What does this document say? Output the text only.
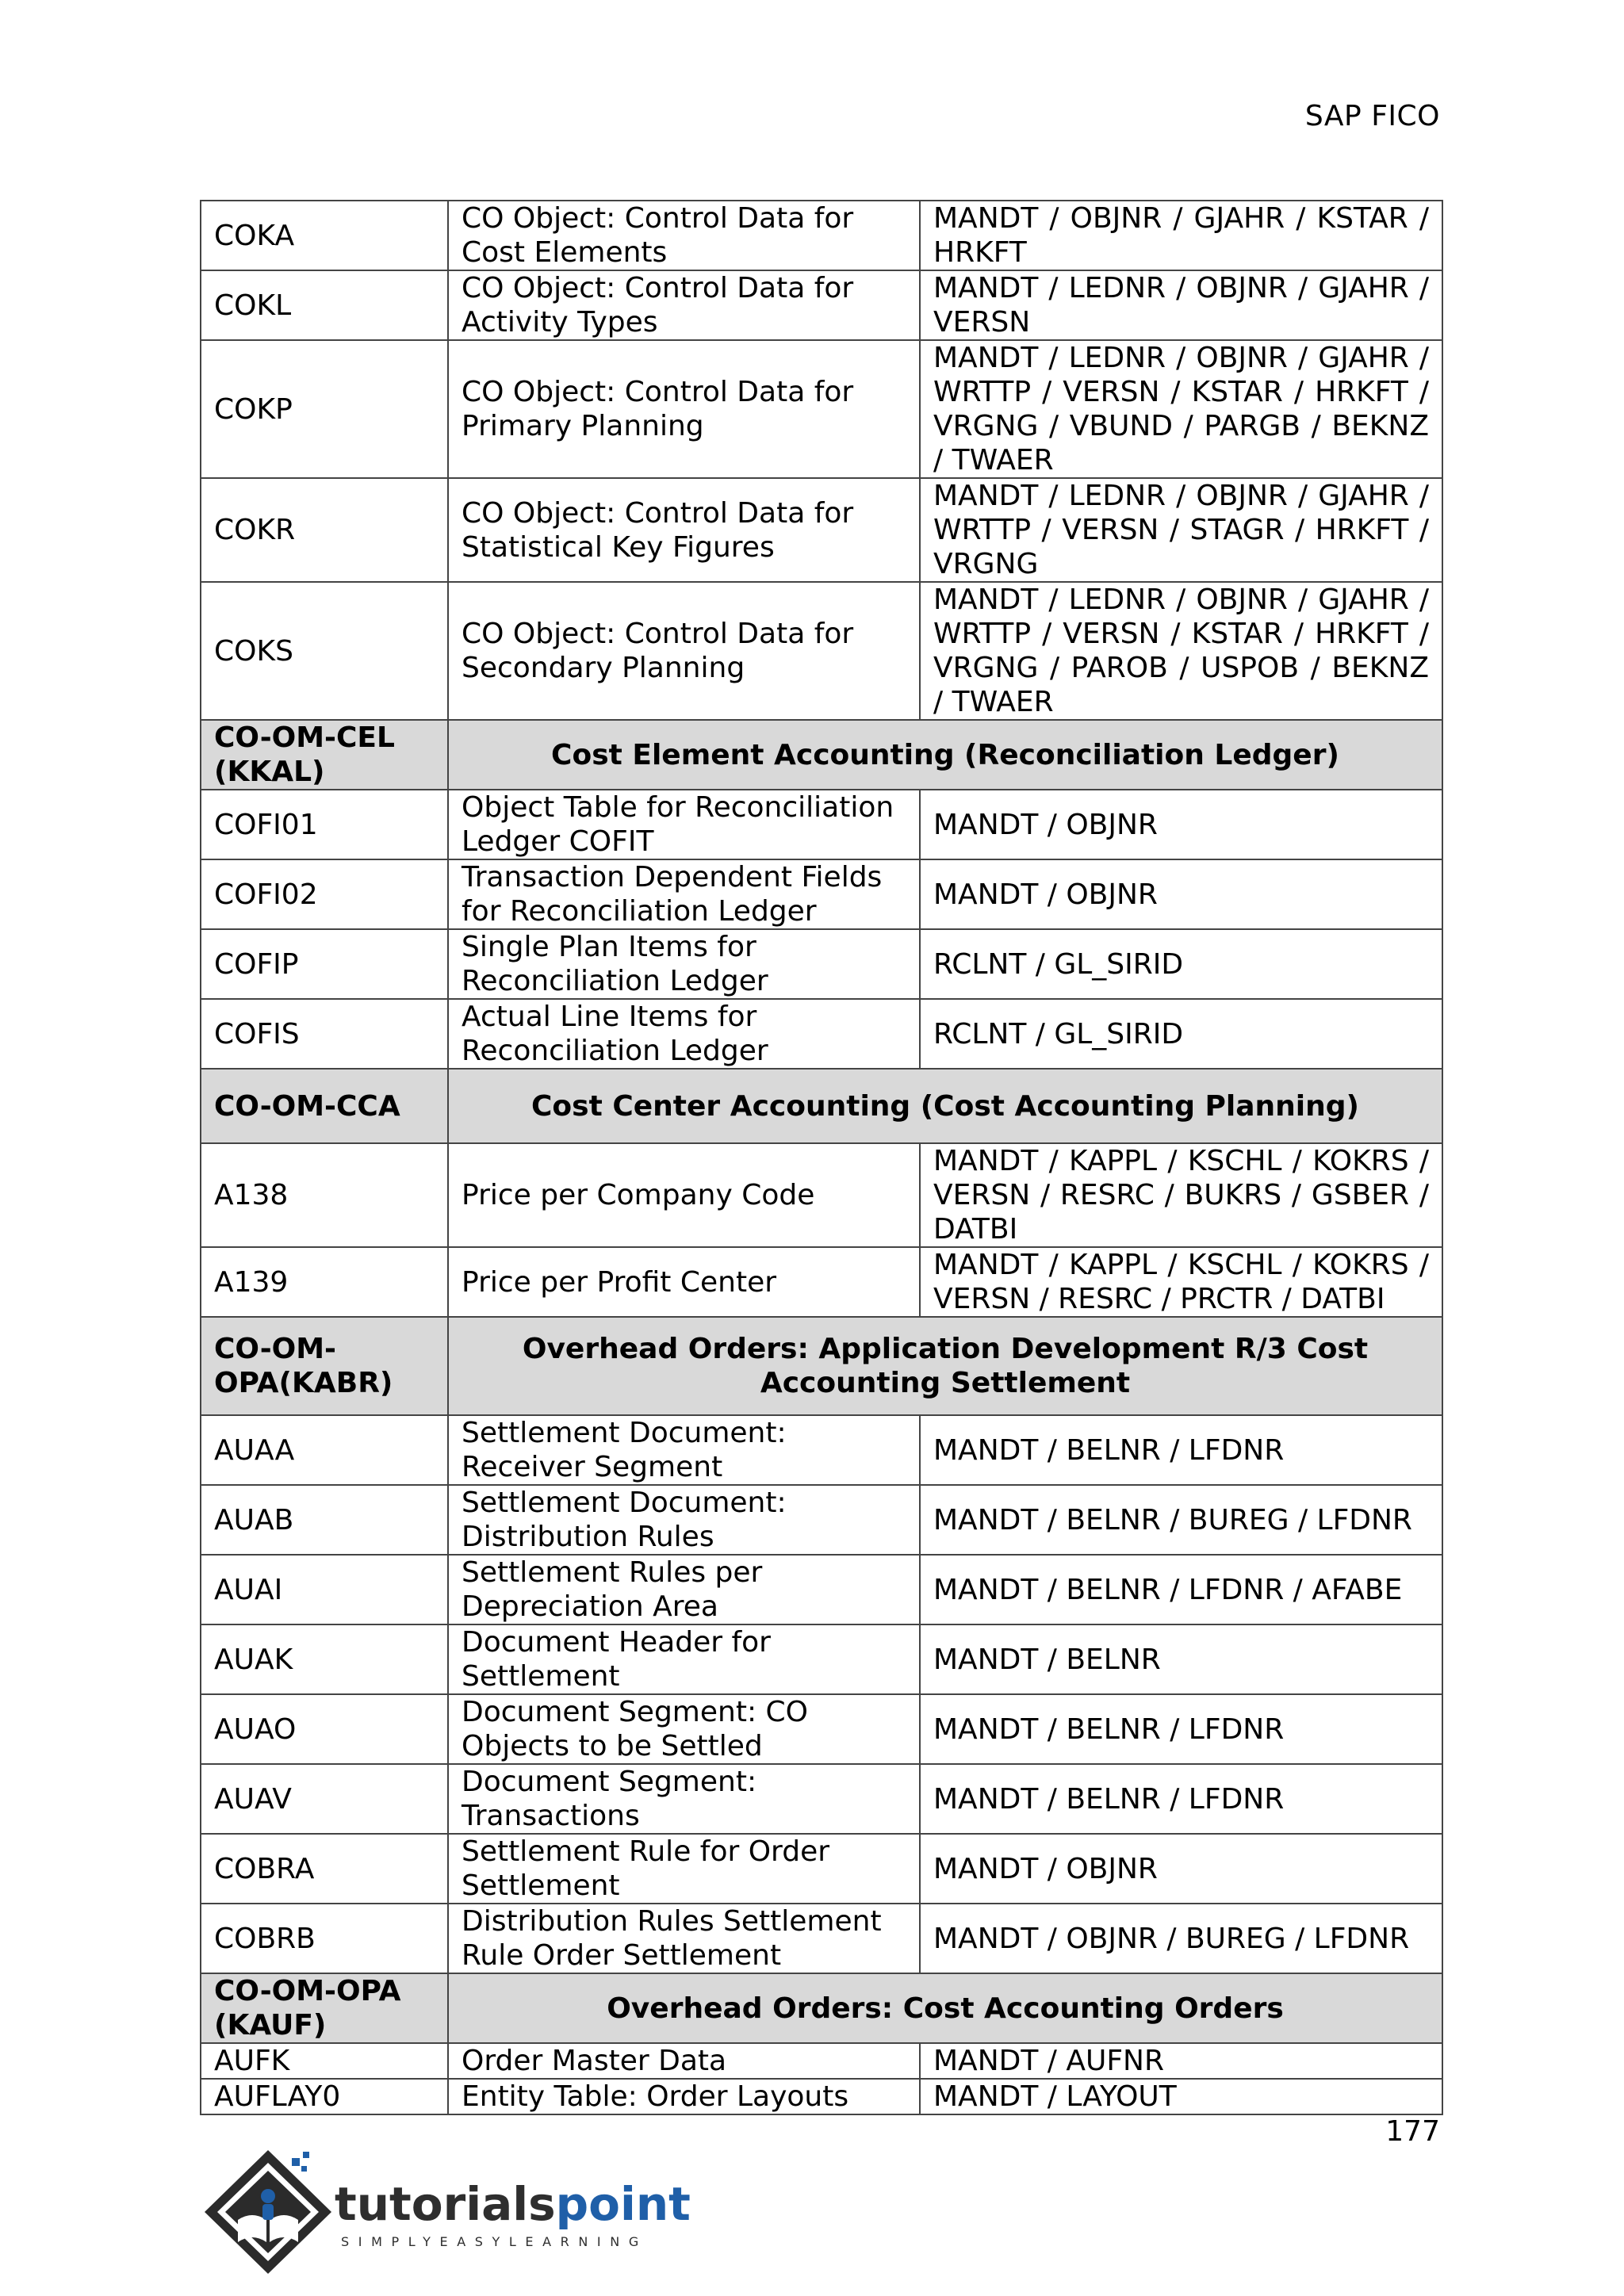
SAP FICO
COKA	CO Object: Control Data for Cost Elements	MANDT / OBJNR / GJAHR / KSTAR / HRKFT
COKL	CO Object: Control Data for Activity Types	MANDT / LEDNR / OBJNR / GJAHR / VERSN
COKP	CO Object: Control Data for Primary Planning	MANDT / LEDNR / OBJNR / GJAHR / WRTTP / VERSN / KSTAR / HRKFT / VRGNG / VBUND / PARGB / BEKNZ / TWAER
COKR	CO Object: Control Data for Statistical Key Figures	MANDT / LEDNR / OBJNR / GJAHR / WRTTP / VERSN / STAGR / HRKFT / VRGNG
COKS	CO Object: Control Data for Secondary Planning	MANDT / LEDNR / OBJNR / GJAHR / WRTTP / VERSN / KSTAR / HRKFT / VRGNG / PAROB / USPOB / BEKNZ / TWAER
CO-OM-CEL (KKAL)	Cost Element Accounting (Reconciliation Ledger)	
COFI01	Object Table for Reconciliation Ledger COFIT	MANDT / OBJNR
COFI02	Transaction Dependent Fields for Reconciliation Ledger	MANDT / OBJNR
COFIP	Single Plan Items for Reconciliation Ledger	RCLNT / GL_SIRID
COFIS	Actual Line Items for Reconciliation Ledger	RCLNT / GL_SIRID
CO-OM-CCA	Cost Center Accounting (Cost Accounting Planning)	
A138	Price per Company Code	MANDT / KAPPL / KSCHL / KOKRS / VERSN / RESRC / BUKRS / GSBER / DATBI
A139	Price per Profit Center	MANDT / KAPPL / KSCHL / KOKRS / VERSN / RESRC / PRCTR / DATBI
CO-OM-OPA(KABR)	Overhead Orders: Application Development R/3 Cost Accounting Settlement	
AUAA	Settlement Document: Receiver Segment	MANDT / BELNR / LFDNR
AUAB	Settlement Document: Distribution Rules	MANDT / BELNR / BUREG / LFDNR
AUAI	Settlement Rules per Depreciation Area	MANDT / BELNR / LFDNR / AFABE
AUAK	Document Header for Settlement	MANDT / BELNR
AUAO	Document Segment: CO Objects to be Settled	MANDT / BELNR / LFDNR
AUAV	Document Segment: Transactions	MANDT / BELNR / LFDNR
COBRA	Settlement Rule for Order Settlement	MANDT / OBJNR
COBRB	Distribution Rules Settlement Rule Order Settlement	MANDT / OBJNR / BUREG / LFDNR
CO-OM-OPA (KAUF)	Overhead Orders: Cost Accounting Orders	
AUFK	Order Master Data	MANDT / AUFNR
AUFLAY0	Entity Table: Order Layouts	MANDT / LAYOUT
177
tutorialspoint
SIMPLYEASYLEARNING
